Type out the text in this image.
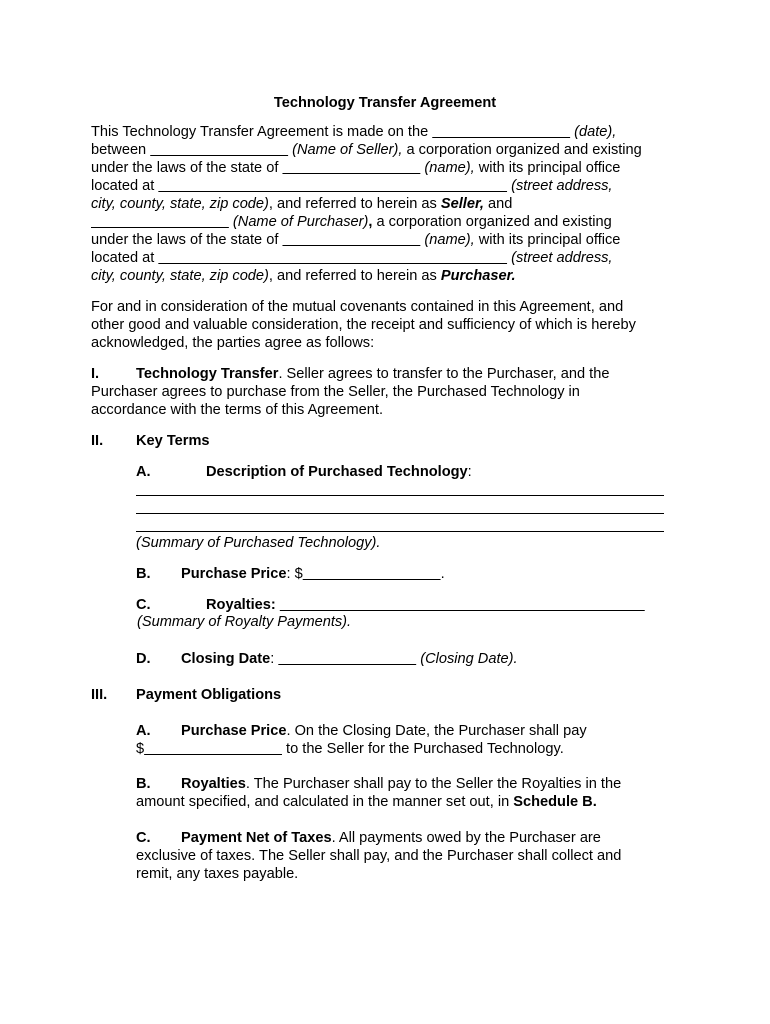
Technology Transfer Agreement
This Technology Transfer Agreement is made on the	(date),
between	(Name of Seller), a corporation organized and existing
under the laws of the state of	(name), with its principal office
located at	(street address,
city, county, state, zip code), and referred to herein as Seller, and
(Name of Purchaser), a corporation organized and existing
under the laws of the state of	(name), with its principal office
located at	(street address,
city, county, state, zip code), and referred to herein as Purchaser.
For and in consideration of the mutual covenants contained in this Agreement, and
other good and valuable consideration, the receipt and sufficiency of which is hereby
acknowledged, the parties agree as follows:
I.	Technology Transfer. Seller agrees to transfer to the Purchaser, and the
Purchaser agrees to purchase from the Seller, the Purchased Technology in
accordance with the terms of this Agreement.
II. Key Terms
A.	Description of Purchased Technology:
(Summary of Purchased Technology).
B. Purchase Price: $	.
C.	Royalties:
(Summary of Royalty Payments).
D. Closing Date:	(Closing Date).
III. Payment Obligations
A. Purchase Price. On the Closing Date, the Purchaser shall pay
$	to the Seller for the Purchased Technology.
B. Royalties. The Purchaser shall pay to the Seller the Royalties in the
amount specified, and calculated in the manner set out, in Schedule B.
C. Payment Net of Taxes. All payments owed by the Purchaser are
exclusive of taxes. The Seller shall pay, and the Purchaser shall collect and
remit, any taxes payable.
